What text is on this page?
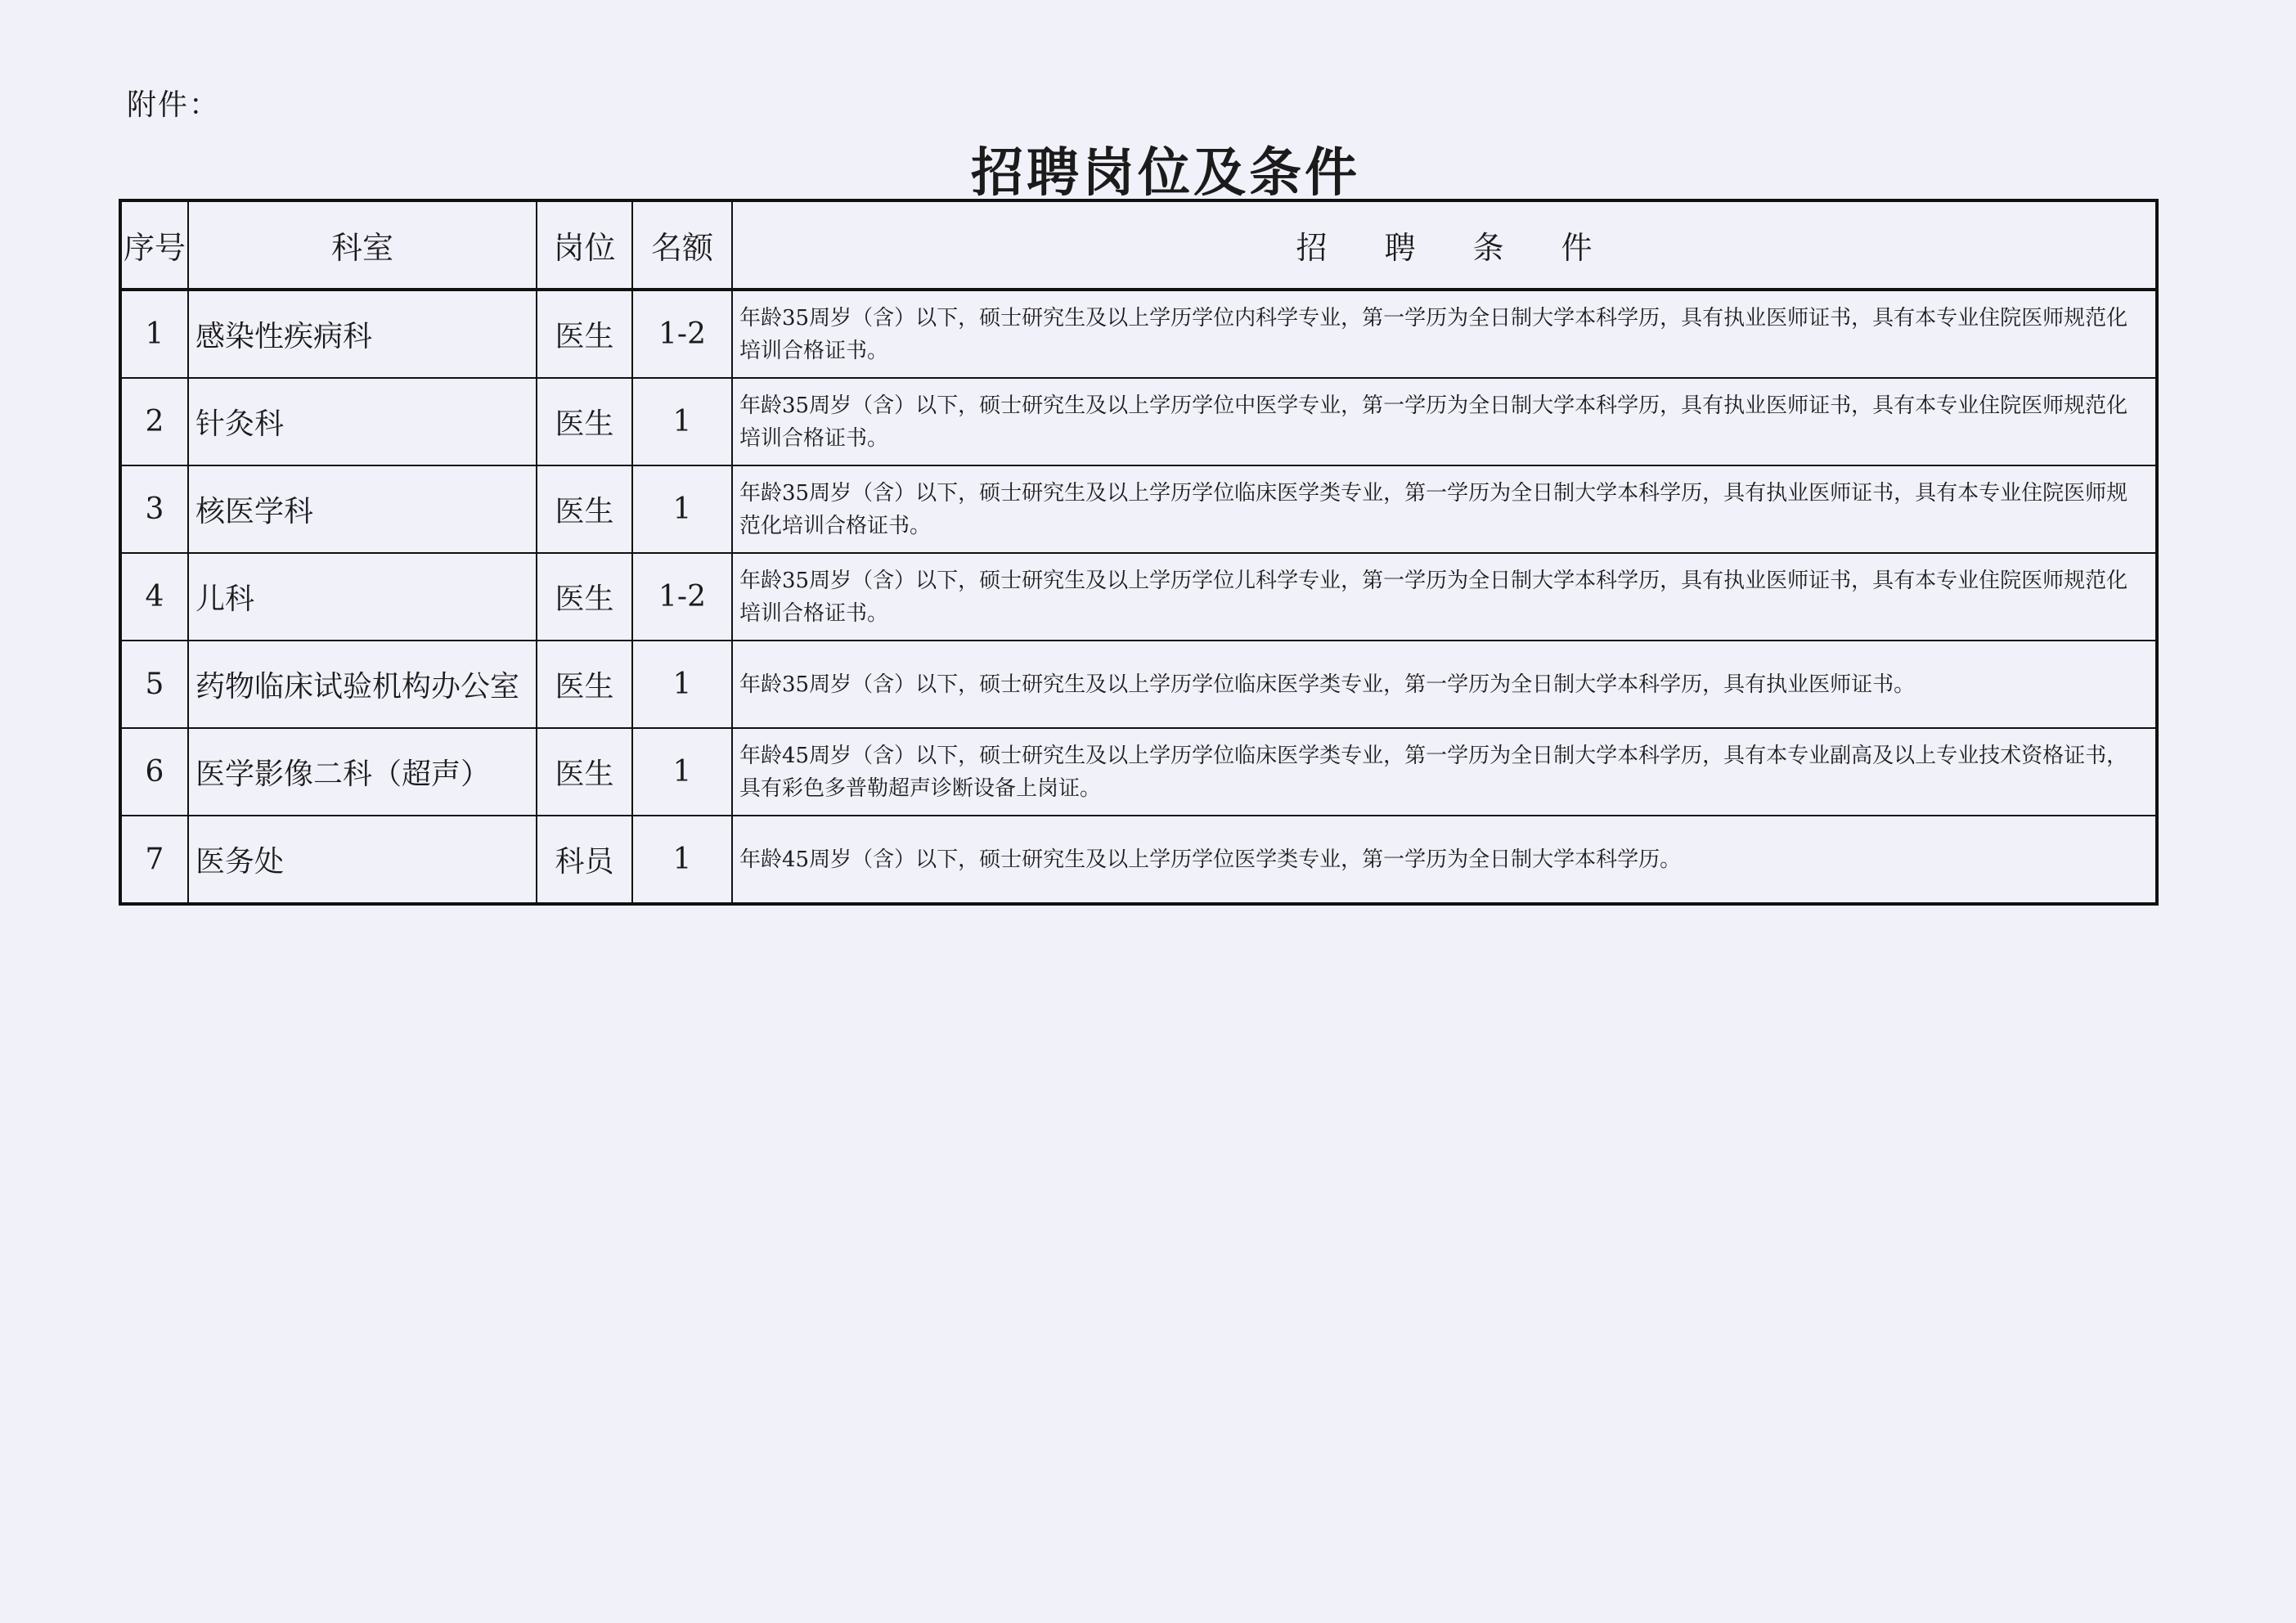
附件：
招聘岗位及条件
序号	科室	岗位	名额	招聘条件
1	感染性疾病科	医生	1-2	年龄35周岁（含）以下，硕士研究生及以上学历学位内科学专业，第一学历为全日制大学本科学历，具有执业医师证书，具有本专业住院医师规范化培训合格证书。
2	针灸科	医生	1	年龄35周岁（含）以下，硕士研究生及以上学历学位中医学专业，第一学历为全日制大学本科学历，具有执业医师证书，具有本专业住院医师规范化培训合格证书。
3	核医学科	医生	1	年龄35周岁（含）以下，硕士研究生及以上学历学位临床医学类专业，第一学历为全日制大学本科学历，具有执业医师证书，具有本专业住院医师规范化培训合格证书。
4	儿科	医生	1-2	年龄35周岁（含）以下，硕士研究生及以上学历学位儿科学专业，第一学历为全日制大学本科学历，具有执业医师证书，具有本专业住院医师规范化培训合格证书。
5	药物临床试验机构办公室	医生	1	年龄35周岁（含）以下，硕士研究生及以上学历学位临床医学类专业，第一学历为全日制大学本科学历，具有执业医师证书。
6	医学影像二科（超声）	医生	1	年龄45周岁（含）以下，硕士研究生及以上学历学位临床医学类专业，第一学历为全日制大学本科学历，具有本专业副高及以上专业技术资格证书，具有彩色多普勒超声诊断设备上岗证。
7	医务处	科员	1	年龄45周岁（含）以下，硕士研究生及以上学历学位医学类专业，第一学历为全日制大学本科学历。
